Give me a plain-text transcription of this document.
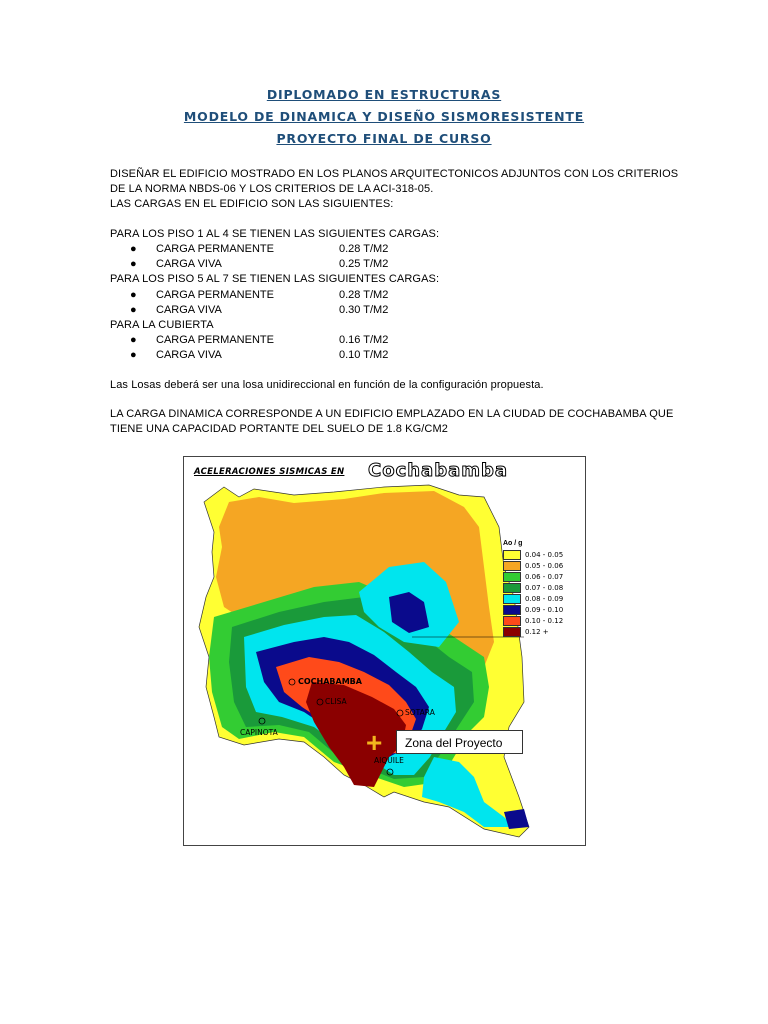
DIPLOMADO EN ESTRUCTURAS
MODELO DE DINAMICA Y DISEÑO SISMORESISTENTE
PROYECTO FINAL DE CURSO
DISEÑAR EL EDIFICIO MOSTRADO EN LOS PLANOS ARQUITECTONICOS ADJUNTOS CON LOS CRITERIOS
DE LA NORMA NBDS-06 Y LOS CRITERIOS DE LA ACI-318-05.
LAS CARGAS EN EL EDIFICIO SON LAS SIGUIENTES:
PARA LOS PISO 1 AL 4 SE TIENEN LAS SIGUIENTES CARGAS:
● CARGA PERMANENTE	0.28 T/M2
● CARGA VIVA	0.25 T/M2
PARA LOS PISO 5 AL 7 SE TIENEN LAS SIGUIENTES CARGAS:
● CARGA PERMANENTE	0.28 T/M2
● CARGA VIVA	0.30 T/M2
PARA LA CUBIERTA
● CARGA PERMANENTE	0.16 T/M2
● CARGA VIVA	0.10 T/M2
Las Losas deberá ser una losa unidireccional en función de la configuración propuesta.
LA CARGA DINAMICA CORRESPONDE A UN EDIFICIO EMPLAZADO EN LA CIUDAD DE COCHABAMBA QUE
TIENE UNA CAPACIDAD PORTANTE DEL SUELO DE 1.8 KG/CM2
ACELERACIONES SISMICAS EN Cochabamba
Ao / g
0.04 - 0.05
0.05 - 0.06
0.06 - 0.07
0.07 - 0.08
0.08 - 0.09
0.09 - 0.10
0.10 - 0.12
0.12 +
COCHABAMBA
CLISA
CAPINOTA
SOTARA
AIQUILE
+	Zona del Proyecto
